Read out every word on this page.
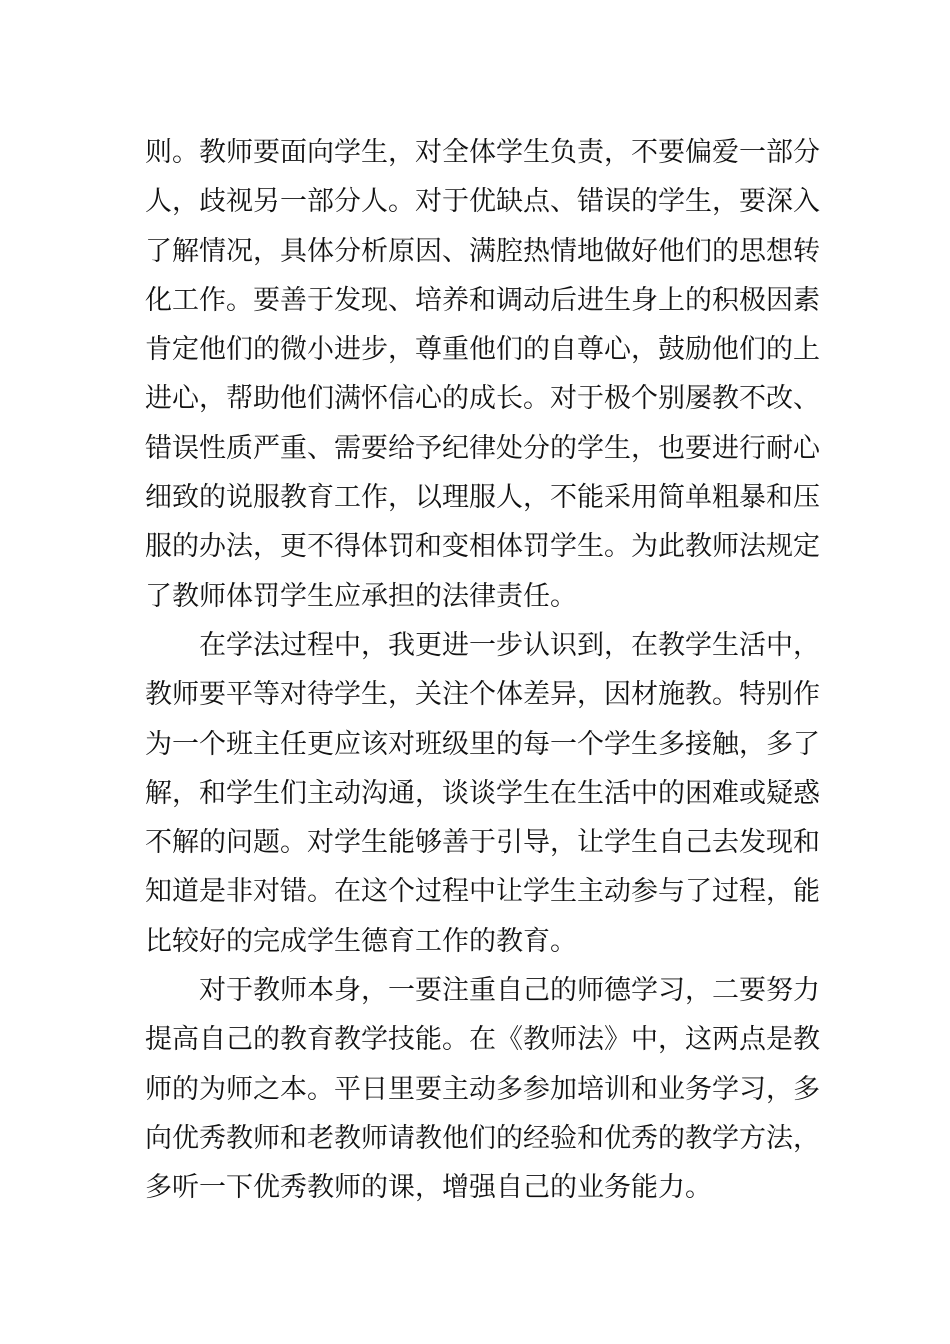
则。教师要面向学生，对全体学生负责，不要偏爱一部分
人，歧视另一部分人。对于优缺点、错误的学生，要深入
了解情况，具体分析原因、满腔热情地做好他们的思想转
化工作。要善于发现、培养和调动后进生身上的积极因素
肯定他们的微小进步，尊重他们的自尊心，鼓励他们的上
进心，帮助他们满怀信心的成长。对于极个别屡教不改、
错误性质严重、需要给予纪律处分的学生，也要进行耐心
细致的说服教育工作，以理服人，不能采用简单粗暴和压
服的办法，更不得体罚和变相体罚学生。为此教师法规定
了教师体罚学生应承担的法律责任。
在学法过程中，我更进一步认识到，在教学生活中，
教师要平等对待学生，关注个体差异，因材施教。特别作
为一个班主任更应该对班级里的每一个学生多接触，多了
解，和学生们主动沟通，谈谈学生在生活中的困难或疑惑
不解的问题。对学生能够善于引导，让学生自己去发现和
知道是非对错。在这个过程中让学生主动参与了过程，能
比较好的完成学生德育工作的教育。
对于教师本身，一要注重自己的师德学习，二要努力
提高自己的教育教学技能。在《教师法》中，这两点是教
师的为师之本。平日里要主动多参加培训和业务学习，多
向优秀教师和老教师请教他们的经验和优秀的教学方法，
多听一下优秀教师的课，增强自己的业务能力。
